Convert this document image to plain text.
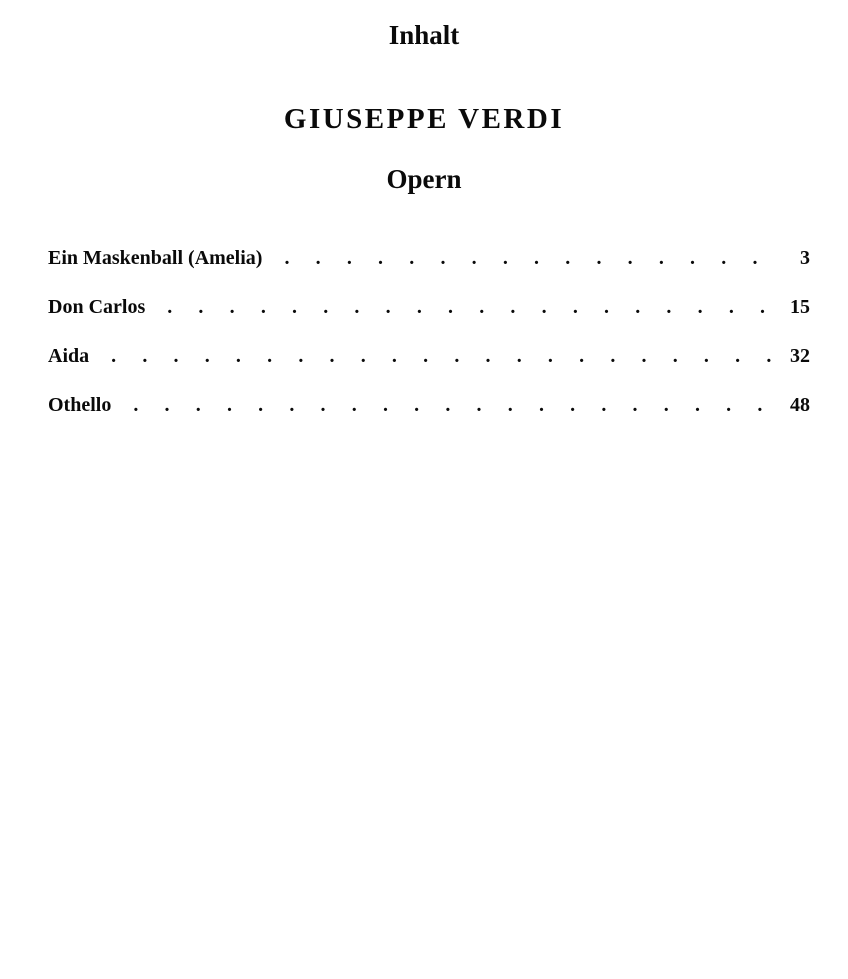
Inhalt
GIUSEPPE VERDI
Opern
Ein Maskenball (Amelia) . . .	3
Don Carlos . . .	15
Aida . . .	32
Othello . . .	48
